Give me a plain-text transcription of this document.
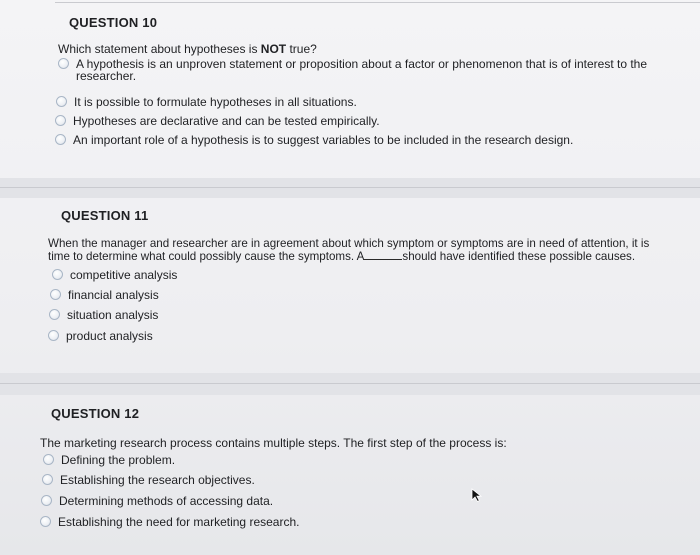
QUESTION 10
Which statement about hypotheses is NOT true?
A hypothesis is an unproven statement or proposition about a factor or phenomenon that is of interest to the researcher.
It is possible to formulate hypotheses in all situations.
Hypotheses are declarative and can be tested empirically.
An important role of a hypothesis is to suggest variables to be included in the research design.
QUESTION 11
When the manager and researcher are in agreement about which symptom or symptoms are in need of attention, it is
time to determine what could possibly cause the symptoms. A	should have identified these possible causes.
competitive analysis
financial analysis
situation analysis
product analysis
QUESTION 12
The marketing research process contains multiple steps. The first step of the process is:
Defining the problem.
Establishing the research objectives.
Determining methods of accessing data.
Establishing the need for marketing research.
